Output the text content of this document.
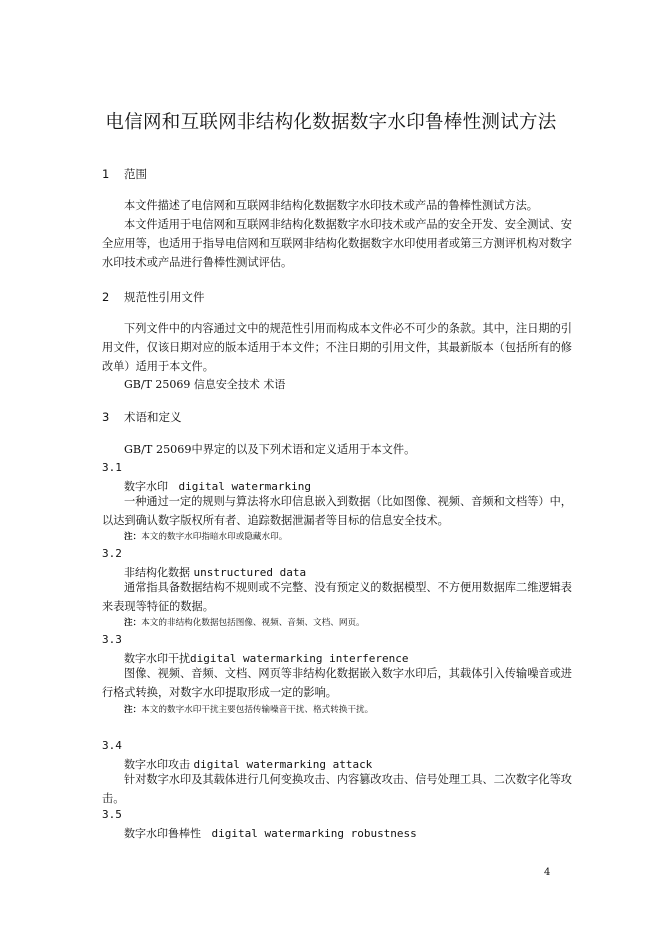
电信网和互联网非结构化数据数字水印鲁棒性测试方法
1 范围

本文件描述了电信网和互联网非结构化数据数字水印技术或产品的鲁棒性测试方法。

本文件适用于电信网和互联网非结构化数据数字水印技术或产品的安全开发、安全测试、安全应用等，也适用于指导电信网和互联网非结构化数据数字水印使用者或第三方测评机构对数字水印技术或产品进行鲁棒性测试评估。

2 规范性引用文件

下列文件中的内容通过文中的规范性引用而构成本文件必不可少的条款。其中，注日期的引用文件，仅该日期对应的版本适用于本文件；不注日期的引用文件，其最新版本（包括所有的修改单）适用于本文件。

GB/T 25069 信息安全技术 术语
3 术语和定义

GB/T 25069中界定的以及下列术语和定义适用于本文件。

3.1
数字水印 digital watermarking

一种通过一定的规则与算法将水印信息嵌入到数据（比如图像、视频、音频和文档等）中，以达到确认数字版权所有者、追踪数据泄漏者等目标的信息安全技术。

注：本文的数字水印指暗水印或隐藏水印。
3.2
非结构化数据 unstructured data

通常指具备数据结构不规则或不完整、没有预定义的数据模型、不方便用数据库二维逻辑表来表现等特征的数据。

注：本文的非结构化数据包括图像、视频、音频、文档、网页。
3.3
数字水印干扰digital watermarking interference

图像、视频、音频、文档、网页等非结构化数据嵌入数字水印后，其载体引入传输噪音或进行格式转换，对数字水印提取形成一定的影响。

注：本文的数字水印干扰主要包括传输噪音干扰、格式转换干扰。
3.4
数字水印攻击 digital watermarking attack

针对数字水印及其载体进行几何变换攻击、内容篡改攻击、信号处理工具、二次数字化等攻击。

3.5
数字水印鲁棒性 digital watermarking robustness
4
